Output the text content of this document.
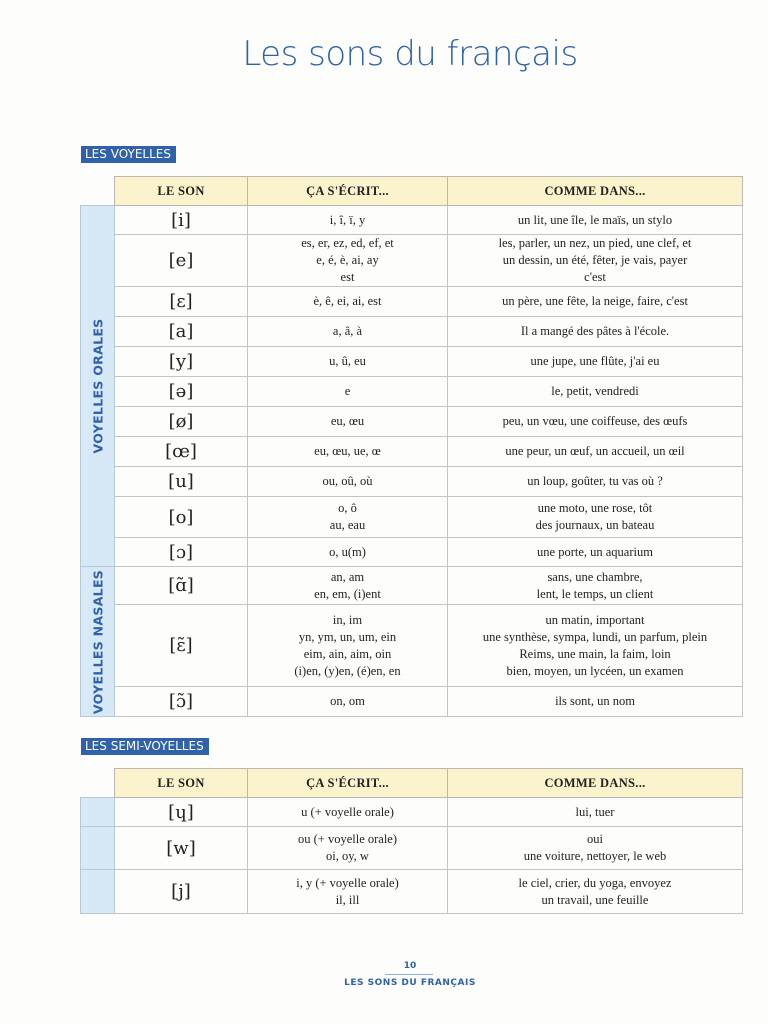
Les sons du français
LES VOYELLES
	LE SON	ÇA S'ÉCRIT...	COMME DANS...

VOYELLES ORALES	[i]	i, î, ï, y	un lit, une île, le maïs, un stylo

	[e]	es, er, ez, ed, ef, et
e, é, è, ai, ay
est	les, parler, un nez, un pied, une clef, et
un dessin, un été, fêter, je vais, payer
c'est

	[ɛ]	è, ê, ei, ai, est	un père, une fête, la neige, faire, c'est

	[a]	a, â, à	Il a mangé des pâtes à l'école.

	[y]	u, û, eu	une jupe, une flûte, j'ai eu

	[ə]	e	le, petit, vendredi

	[ø]	eu, œu	peu, un vœu, une coiffeuse, des œufs

	[œ]	eu, œu, ue, œ	une peur, un œuf, un accueil, un œil

	[u]	ou, oû, où	un loup, goûter, tu vas où ?

	[o]	o, ô
au, eau	une moto, une rose, tôt
des journaux, un bateau

	[ɔ]	o, u(m)	une porte, un aquarium

VOYELLES NASALES	[ɑ̃]	an, am
en, em, (i)ent	sans, une chambre,
lent, le temps, un client

	[ɛ̃]	in, im
yn, ym, un, um, ein
eim, ain, aim, oin
(i)en, (y)en, (é)en, en	un matin, important
une synthèse, sympa, lundi, un parfum, plein
Reims, une main, la faim, loin
bien, moyen, un lycéen, un examen

	[ɔ̃]	on, om	ils sont, un nom
LES SEMI-VOYELLES
	LE SON	ÇA S'ÉCRIT...	COMME DANS...
	[ɥ]	u (+ voyelle orale)	lui, tuer

	[w]	ou (+ voyelle orale)
oi, oy, w	oui
une voiture, nettoyer, le web

	[j]	i, y (+ voyelle orale)
il, ill	le ciel, crier, du yoga, envoyez
un travail, une feuille
10
LES SONS DU FRANÇAIS
